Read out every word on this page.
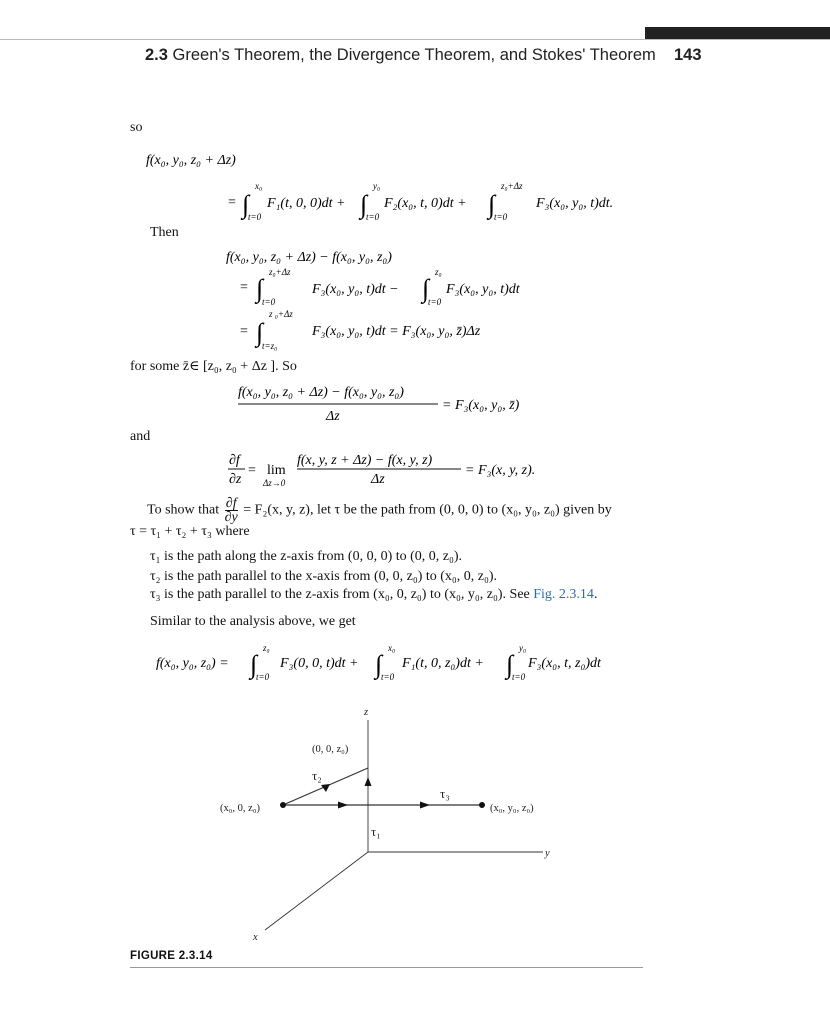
2.3 Green's Theorem, the Divergence Theorem, and Stokes' Theorem 143
so
f(x₀, y₀, z₀ + Δz)
= ∫
x₀
t=0
F₁(t, 0, 0)dt + ∫
y₀
t=0
F₂(x₀, t, 0)dt + ∫
z₀+Δz
t=0
F₃(x₀, y₀, t)dt.
Then
f(x₀, y₀, z₀ + Δz) − f(x₀, y₀, z₀)
= ∫
z₀+Δz
t=0
F₃(x₀, y₀, t)dt − ∫
z₀
t=0
F₃(x₀, y₀, t)dt
= ∫
z ₀+Δz
t=z₀
F₃(x₀, y₀, t)dt = F₃(x₀, y₀, z̄)Δz
for some z̄∈ [z₀, z₀ + Δz ]. So
f(x₀, y₀, z₀ + Δz) − f(x₀, y₀, z₀)
Δz
= F₃(x₀, y₀, z̄)
and
∂f
∂z
= lim
Δz→0
f(x, y, z + Δz) − f(x, y, z)
Δz
= F₃(x, y, z).
To show that $\frac{\partial f}{\partial y} = F_2(x$, y, z), let τ be the path from (0, 0, 0) to (x₀, y₀, z₀) given by
τ = τ₁ + τ₂ + τ₃ where
τ₁ is the path along the z-axis from (0, 0, 0) to (0, 0, z₀).
τ₂ is the path parallel to the x-axis from (0, 0, z₀) to (x₀, 0, z₀).
τ₃ is the path parallel to the z-axis from (x₀, 0, z₀) to (x₀, y₀, z₀). See Fig. 2.3.14.
Similar to the analysis above, we get
f(x₀, y₀, z₀) = ∫
z₀
t=0
F₃(0, 0, t)dt + ∫
x₀
t=0
F₁(t, 0, z₀)dt + ∫
y₀
t=0
F₃(x₀, t, z₀)dt
z
y
x
(0, 0, z₀)
(x₀, 0, z₀)	(x₀, y₀, z₀)
τ₁
τ₂
τ₃
FIGURE 2.3.14
